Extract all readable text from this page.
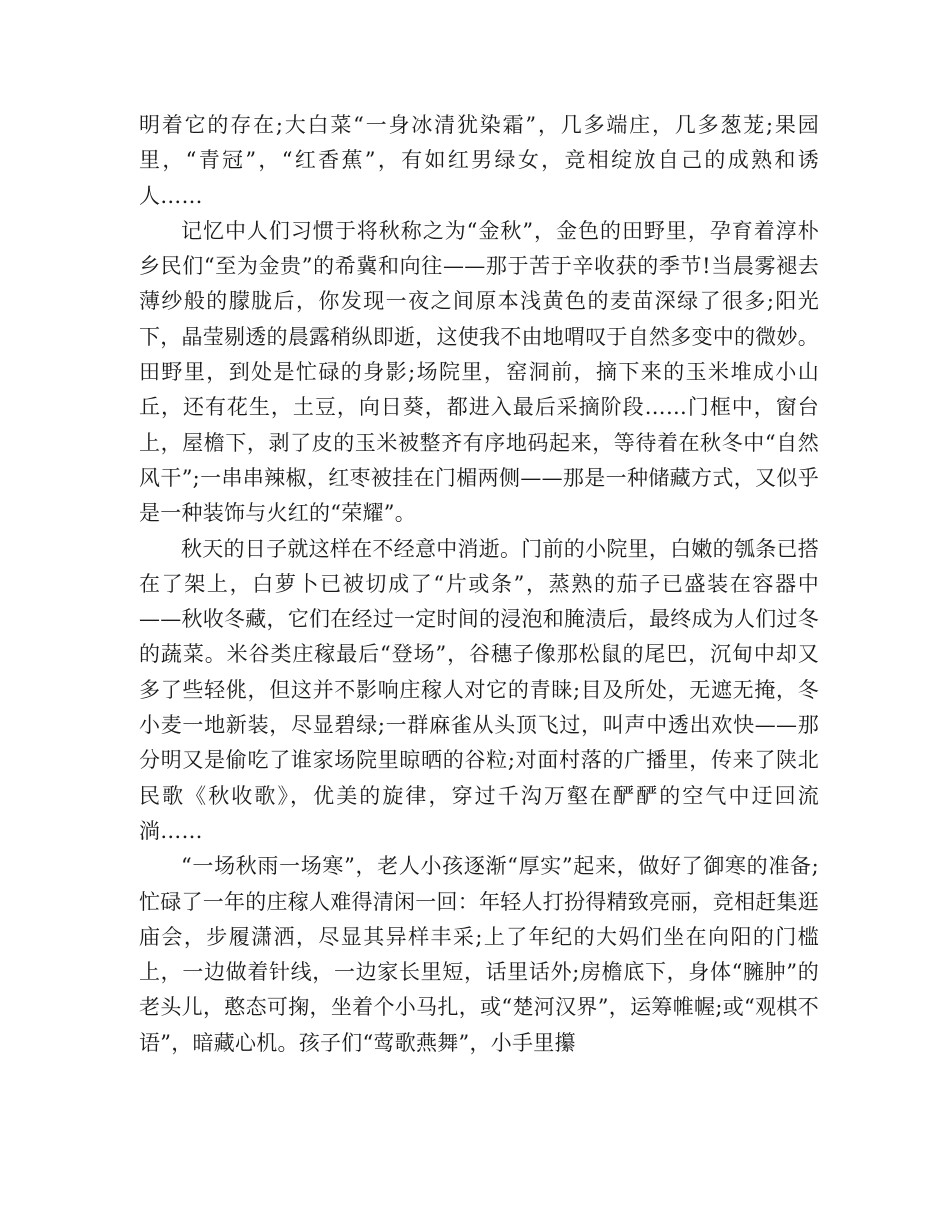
明着它的存在;大白菜“一身冰清犹染霜”，几多端庄，几多葱茏;果园里，“青冠”，“红香蕉”，有如红男绿女，竞相绽放自己的成熟和诱人……

记忆中人们习惯于将秋称之为“金秋”，金色的田野里，孕育着淳朴乡民们“至为金贵”的希冀和向往——那于苦于辛收获的季节!当晨雾褪去薄纱般的朦胧后，你发现一夜之间原本浅黄色的麦苗深绿了很多;阳光下，晶莹剔透的晨露稍纵即逝，这使我不由地喟叹于自然多变中的微妙。田野里，到处是忙碌的身影;场院里，窑洞前，摘下来的玉米堆成小山丘，还有花生，土豆，向日葵，都进入最后采摘阶段……门框中，窗台上，屋檐下，剥了皮的玉米被整齐有序地码起来，等待着在秋冬中“自然风干”;一串串辣椒，红枣被挂在门楣两侧——那是一种储藏方式，又似乎是一种装饰与火红的“荣耀”。

秋天的日子就这样在不经意中消逝。门前的小院里，白嫩的瓠条已搭在了架上，白萝卜已被切成了“片或条”，蒸熟的茄子已盛装在容器中——秋收冬藏，它们在经过一定时间的浸泡和腌渍后，最终成为人们过冬的蔬菜。米谷类庄稼最后“登场”，谷穗子像那松鼠的尾巴，沉甸中却又多了些轻佻，但这并不影响庄稼人对它的青睐;目及所处，无遮无掩，冬小麦一地新装，尽显碧绿;一群麻雀从头顶飞过，叫声中透出欢快——那分明又是偷吃了谁家场院里晾晒的谷粒;对面村落的广播里，传来了陕北民歌《秋收歌》，优美的旋律，穿过千沟万壑在酽酽的空气中迂回流淌……

“一场秋雨一场寒”，老人小孩逐渐“厚实”起来，做好了御寒的准备;忙碌了一年的庄稼人难得清闲一回：年轻人打扮得精致亮丽，竞相赶集逛庙会，步履潇洒，尽显其异样丰采;上了年纪的大妈们坐在向阳的门槛上，一边做着针线，一边家长里短，话里话外;房檐底下，身体“臃肿”的老头儿，憨态可掬，坐着个小马扎，或“楚河汉界”，运筹帷幄;或“观棋不语”，暗藏心机。孩子们“莺歌燕舞”，小手里攥
